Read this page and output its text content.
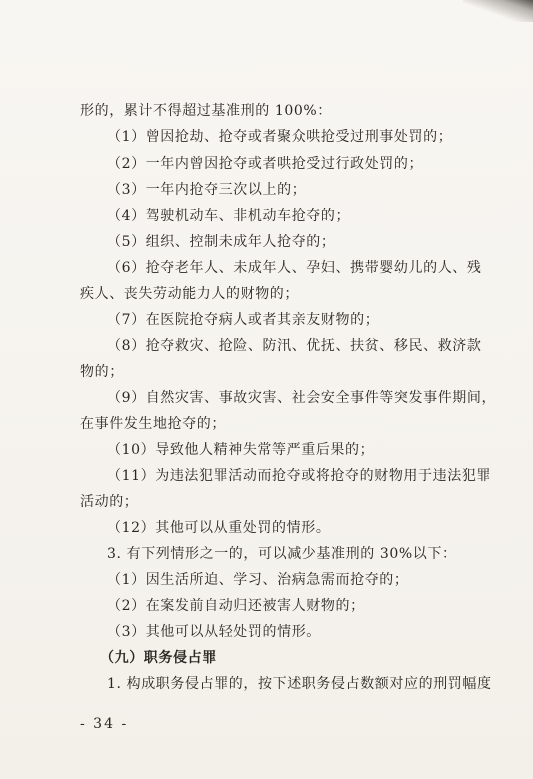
形的，累计不得超过基准刑的 100%：
（1）曾因抢劫、抢夺或者聚众哄抢受过刑事处罚的；
（2）一年内曾因抢夺或者哄抢受过行政处罚的；
（3）一年内抢夺三次以上的；
（4）驾驶机动车、非机动车抢夺的；
（5）组织、控制未成年人抢夺的；
（6）抢夺老年人、未成年人、孕妇、携带婴幼儿的人、残
疾人、丧失劳动能力人的财物的；
（7）在医院抢夺病人或者其亲友财物的；
（8）抢夺救灾、抢险、防汛、优抚、扶贫、移民、救济款
物的；
（9）自然灾害、事故灾害、社会安全事件等突发事件期间，
在事件发生地抢夺的；
（10）导致他人精神失常等严重后果的；
（11）为违法犯罪活动而抢夺或将抢夺的财物用于违法犯罪
活动的；
（12）其他可以从重处罚的情形。
3. 有下列情形之一的，可以减少基准刑的 30%以下：
（1）因生活所迫、学习、治病急需而抢夺的；
（2）在案发前自动归还被害人财物的；
（3）其他可以从轻处罚的情形。
（九）职务侵占罪
1. 构成职务侵占罪的，按下述职务侵占数额对应的刑罚幅度
- 34 -
